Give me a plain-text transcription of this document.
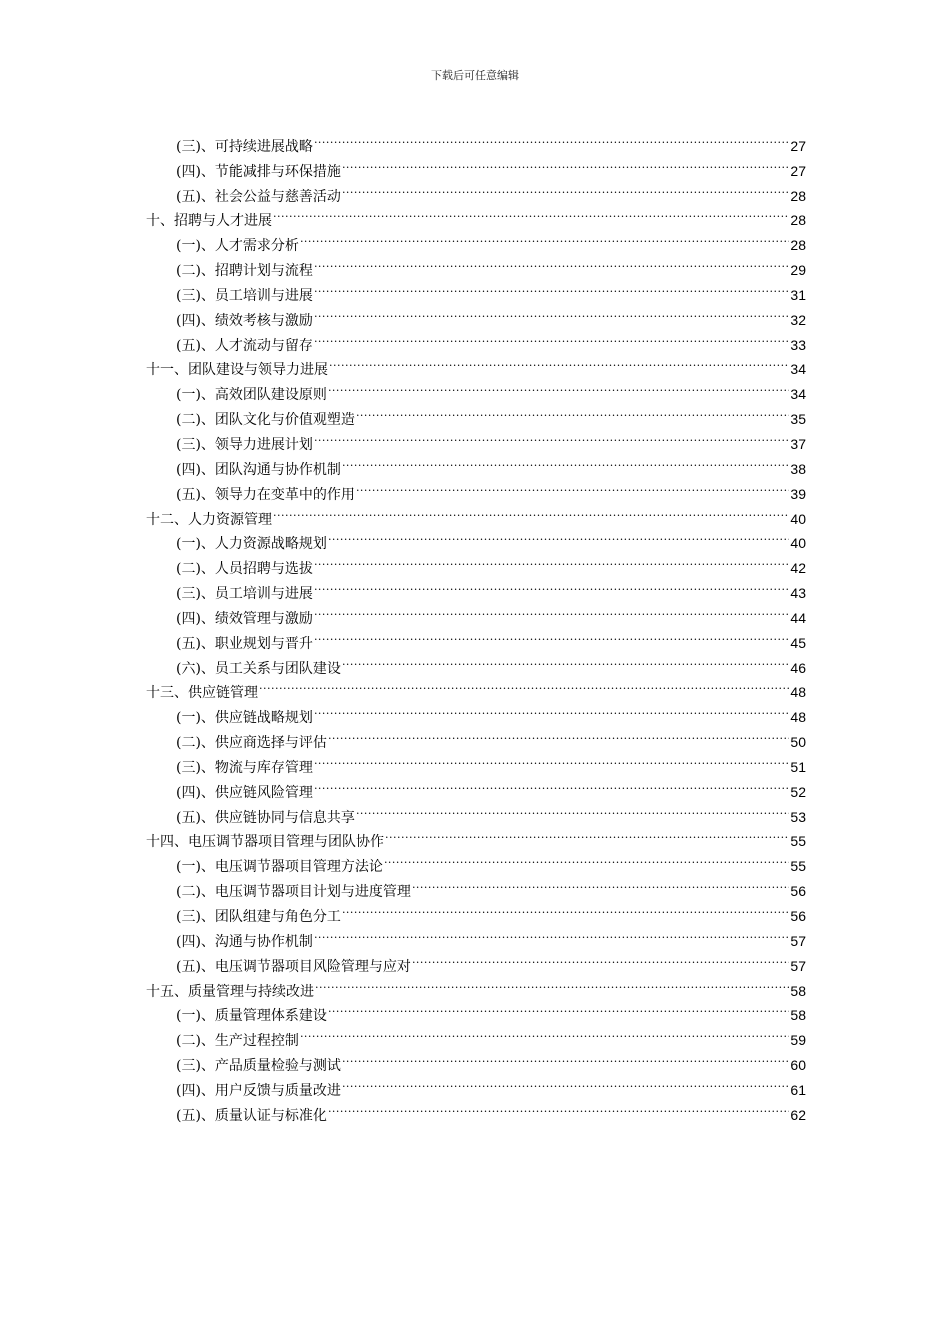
下载后可任意编辑
(三)、可持续进展战略 .....	27
(四)、节能减排与环保措施 .....	27
(五)、社会公益与慈善活动 .....	28
十、招聘与人才进展 .....	28
(一)、人才需求分析 .....	28
(二)、招聘计划与流程 .....	29
(三)、员工培训与进展 .....	31
(四)、绩效考核与激励 .....	32
(五)、人才流动与留存 .....	33
十一、团队建设与领导力进展 .....	34
(一)、高效团队建设原则 .....	34
(二)、团队文化与价值观塑造 .....	35
(三)、领导力进展计划 .....	37
(四)、团队沟通与协作机制 .....	38
(五)、领导力在变革中的作用 .....	39
十二、人力资源管理 .....	40
(一)、人力资源战略规划 .....	40
(二)、人员招聘与选拔 .....	42
(三)、员工培训与进展 .....	43
(四)、绩效管理与激励 .....	44
(五)、职业规划与晋升 .....	45
(六)、员工关系与团队建设 .....	46
十三、供应链管理 .....	48
(一)、供应链战略规划 .....	48
(二)、供应商选择与评估 .....	50
(三)、物流与库存管理 .....	51
(四)、供应链风险管理 .....	52
(五)、供应链协同与信息共享 .....	53
十四、电压调节器项目管理与团队协作 .....	55
(一)、电压调节器项目管理方法论 .....	55
(二)、电压调节器项目计划与进度管理 .....	56
(三)、团队组建与角色分工 .....	56
(四)、沟通与协作机制 .....	57
(五)、电压调节器项目风险管理与应对 .....	57
十五、质量管理与持续改进 .....	58
(一)、质量管理体系建设 .....	58
(二)、生产过程控制 .....	59
(三)、产品质量检验与测试 .....	60
(四)、用户反馈与质量改进 .....	61
(五)、质量认证与标准化 .....	62
